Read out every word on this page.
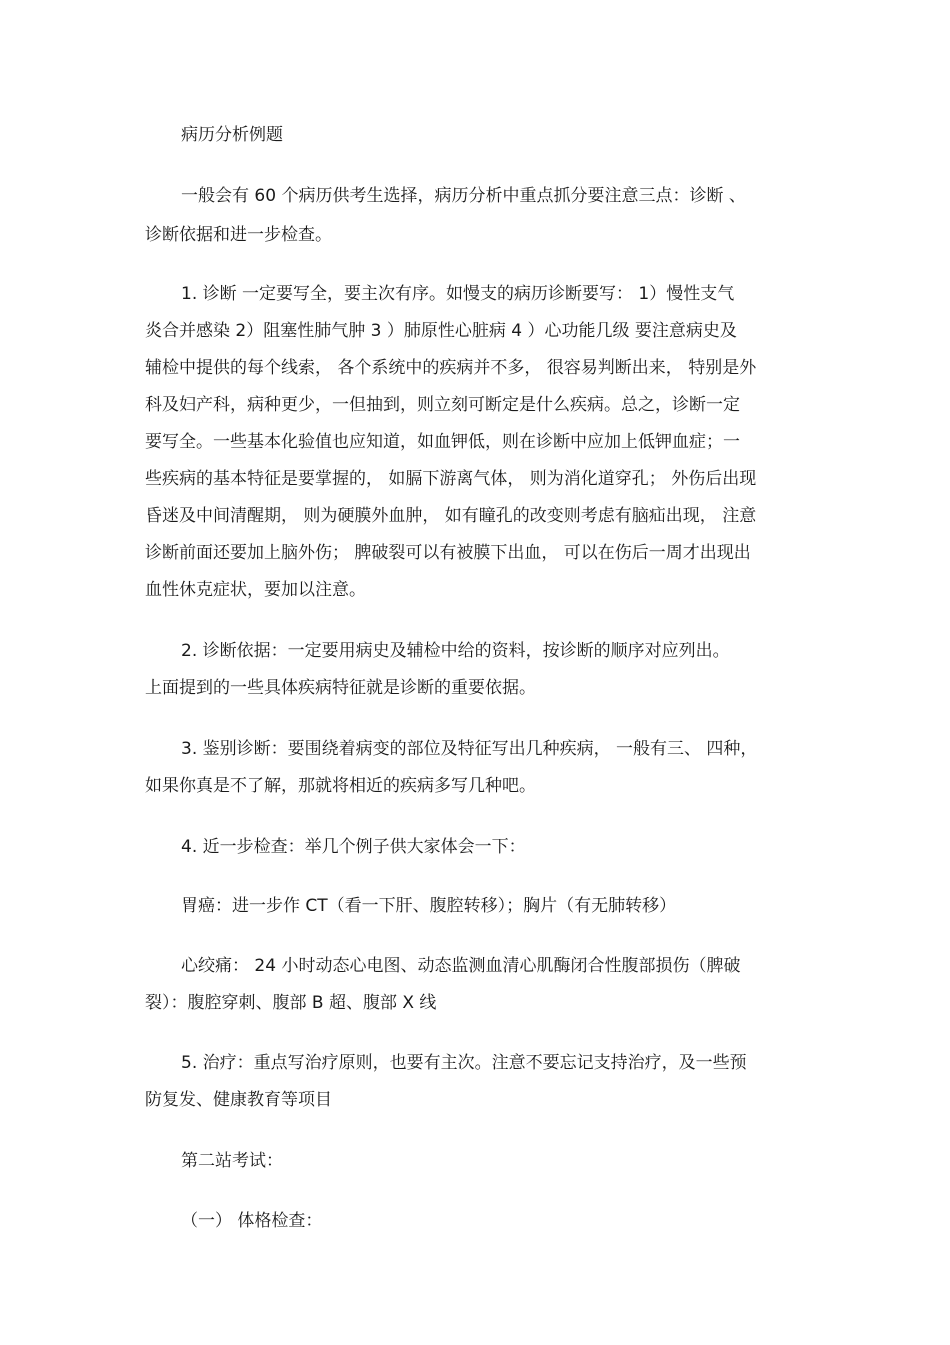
病历分析例题
一般会有 60 个病历供考生选择，病历分析中重点抓分要注意三点：诊断 、
诊断依据和进一步检查。
1. 诊断 一定要写全，要主次有序。如慢支的病历诊断要写： 1）慢性支气
炎合并感染 2）阻塞性肺气肿 3 ）肺原性心脏病 4 ）心功能几级 要注意病史及
辅检中提供的每个线索， 各个系统中的疾病并不多， 很容易判断出来， 特别是外
科及妇产科，病种更少，一但抽到，则立刻可断定是什么疾病。总之，诊断一定
要写全。一些基本化验值也应知道，如血钾低，则在诊断中应加上低钾血症；一
些疾病的基本特征是要掌握的， 如膈下游离气体， 则为消化道穿孔； 外伤后出现
昏迷及中间清醒期， 则为硬膜外血肿， 如有瞳孔的改变则考虑有脑疝出现， 注意
诊断前面还要加上脑外伤； 脾破裂可以有被膜下出血， 可以在伤后一周才出现出
血性休克症状，要加以注意。
2. 诊断依据：一定要用病史及辅检中给的资料，按诊断的顺序对应列出。
上面提到的一些具体疾病特征就是诊断的重要依据。
3. 鉴别诊断：要围绕着病变的部位及特征写出几种疾病， 一般有三、 四种，
如果你真是不了解，那就将相近的疾病多写几种吧。
4. 近一步检查：举几个例子供大家体会一下：
胃癌：进一步作 CT（看一下肝、腹腔转移）；胸片（有无肺转移）
心绞痛： 24 小时动态心电图、动态监测血清心肌酶闭合性腹部损伤（脾破
裂）：腹腔穿刺、腹部 B 超、腹部 X 线
5. 治疗：重点写治疗原则，也要有主次。注意不要忘记支持治疗，及一些预
防复发、健康教育等项目
第二站考试：
（一） 体格检查：
